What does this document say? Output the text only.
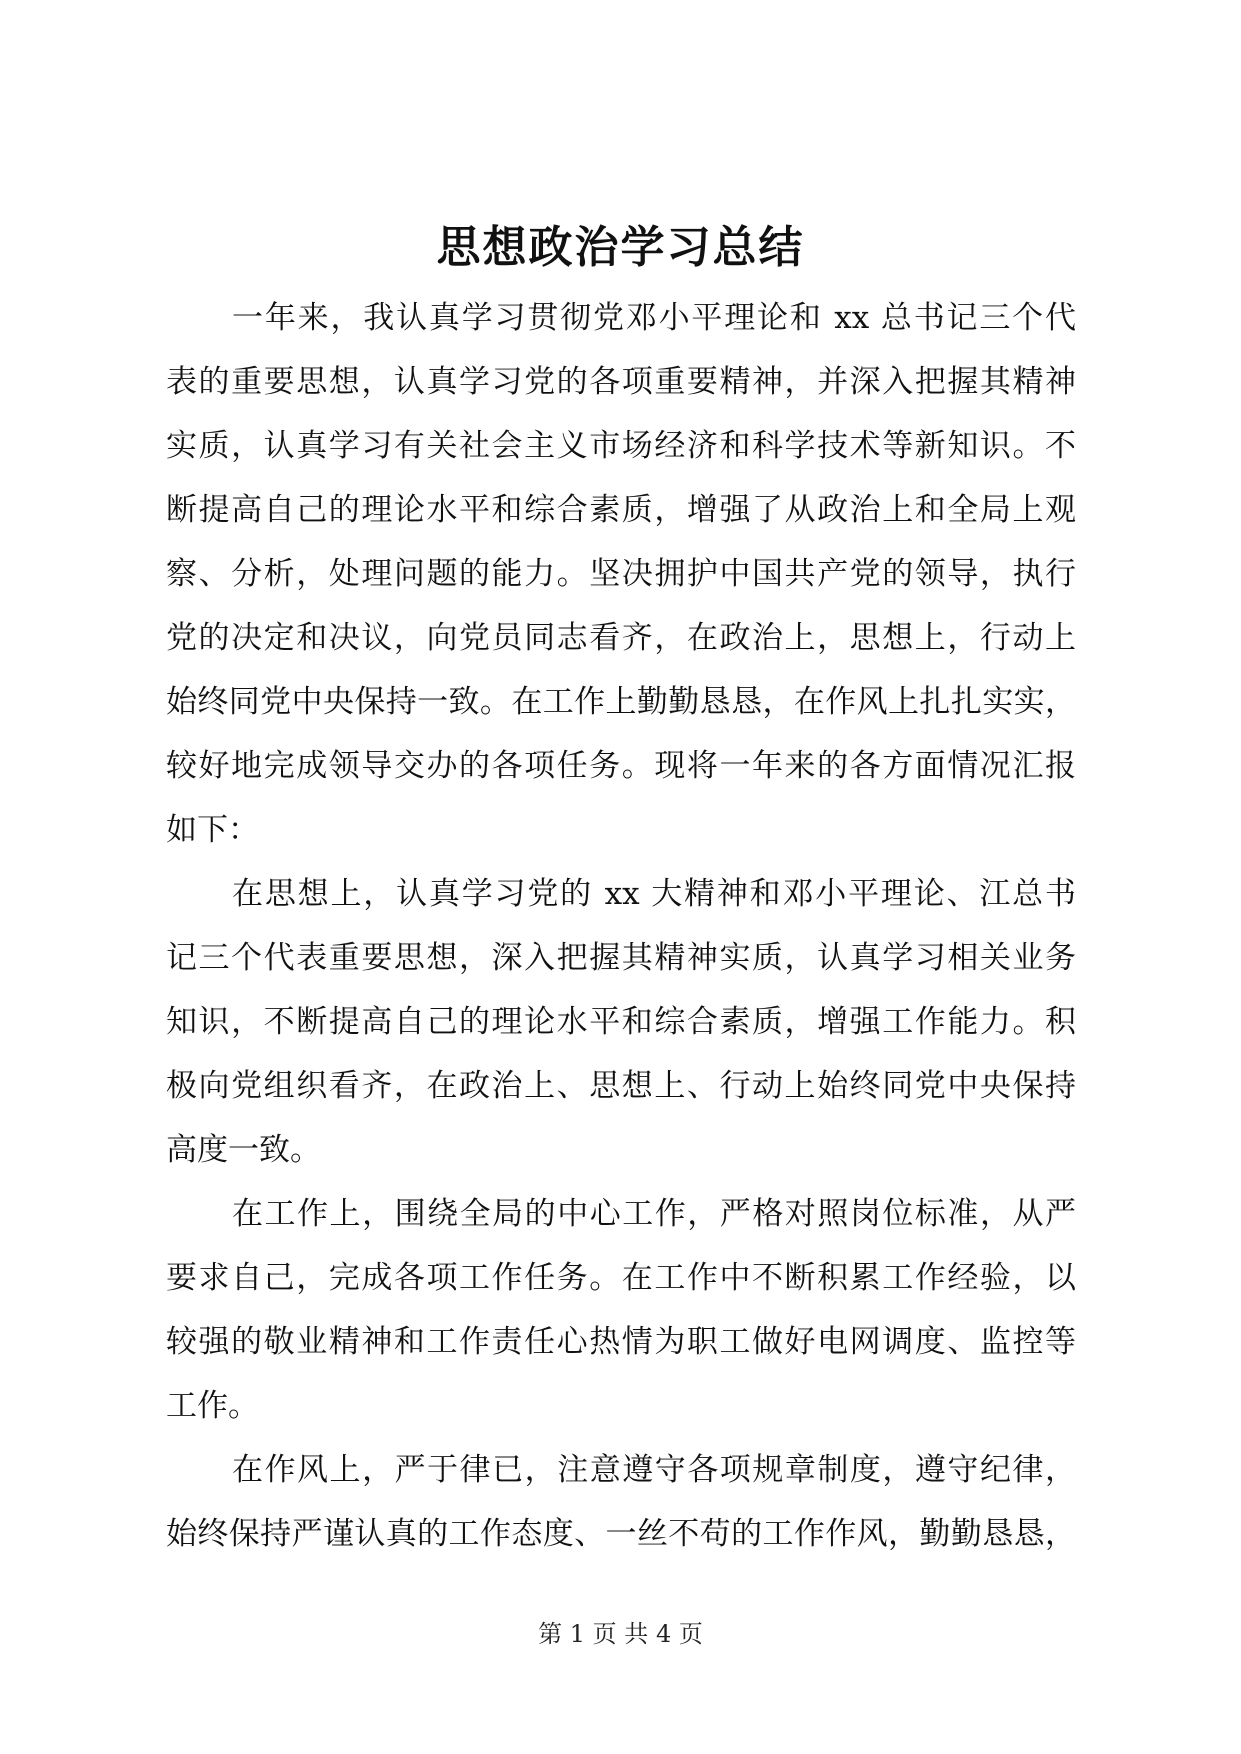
思想政治学习总结

一年来，我认真学习贯彻党邓小平理论和 xx 总书记三个代
表的重要思想，认真学习党的各项重要精神，并深入把握其精神
实质，认真学习有关社会主义市场经济和科学技术等新知识。不
断提高自己的理论水平和综合素质，增强了从政治上和全局上观
察、分析，处理问题的能力。坚决拥护中国共产党的领导，执行
党的决定和决议，向党员同志看齐，在政治上，思想上，行动上
始终同党中央保持一致。在工作上勤勤恳恳，在作风上扎扎实实，
较好地完成领导交办的各项任务。现将一年来的各方面情况汇报
如下：

在思想上，认真学习党的 xx 大精神和邓小平理论、江总书
记三个代表重要思想，深入把握其精神实质，认真学习相关业务
知识，不断提高自己的理论水平和综合素质，增强工作能力。积
极向党组织看齐，在政治上、思想上、行动上始终同党中央保持
高度一致。

在工作上，围绕全局的中心工作，严格对照岗位标准，从严
要求自己，完成各项工作任务。在工作中不断积累工作经验，以
较强的敬业精神和工作责任心热情为职工做好电网调度、监控等
工作。

在作风上，严于律已，注意遵守各项规章制度，遵守纪律，
始终保持严谨认真的工作态度、一丝不苟的工作作风，勤勤恳恳，

第 1 页 共 4 页
